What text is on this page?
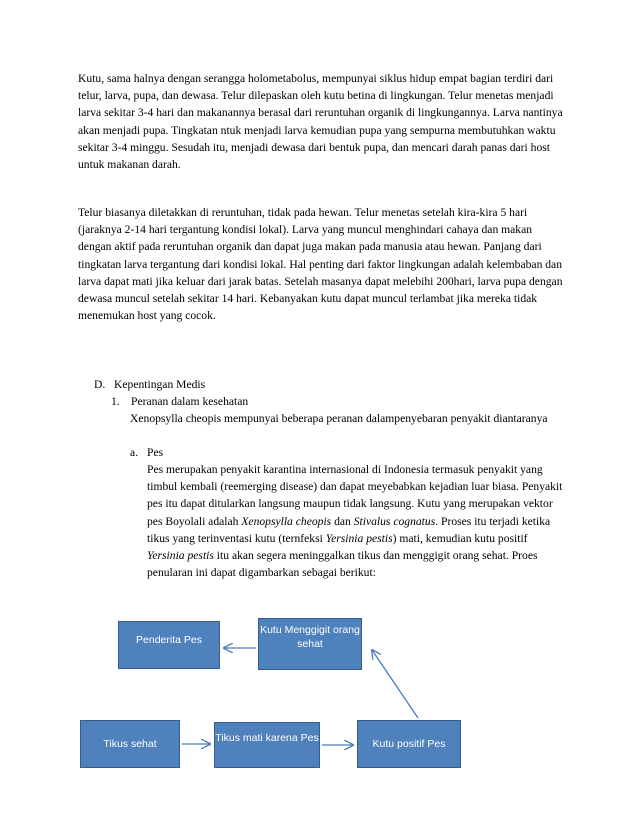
Kutu, sama halnya dengan serangga holometabolus, mempunyai siklus hidup empat bagian terdiri dari telur, larva, pupa, dan dewasa. Telur dilepaskan oleh kutu betina di lingkungan. Telur menetas menjadi larva sekitar 3-4 hari dan makanannya berasal dari reruntuhan organik di lingkungannya. Larva nantinya akan menjadi pupa. Tingkatan ntuk menjadi larva kemudian pupa yang sempurna membutuhkan waktu sekitar 3-4 minggu. Sesudah itu, menjadi dewasa dari bentuk pupa, dan mencari darah panas dari host untuk makanan darah.

Telur biasanya diletakkan di reruntuhan, tidak pada hewan. Telur menetas setelah kira-kira 5 hari (jaraknya 2-14 hari tergantung kondisi lokal). Larva yang muncul menghindari cahaya dan makan dengan aktif pada reruntuhan organik dan dapat juga makan pada manusia atau hewan. Panjang dari tingkatan larva tergantung dari kondisi lokal. Hal penting dari faktor lingkungan adalah kelembaban dan larva dapat mati jika keluar dari jarak batas. Setelah masanya dapat melebihi 200hari, larva pupa dengan dewasa muncul setelah sekitar 14 hari. Kebanyakan kutu dapat muncul terlambat jika mereka tidak menemukan host yang cocok.

D. Kepentingan Medis

1. Peranan dalam kesehatan

Xenopsylla cheopis mempunyai beberapa peranan dalampenyebaran penyakit diantaranya

a. Pes

Pes merupakan penyakit karantina internasional di Indonesia termasuk penyakit yang timbul kembali (reemerging disease) dan dapat meyebabkan kejadian luar biasa. Penyakit pes itu dapat ditularkan langsung maupun tidak langsung. Kutu yang merupakan vektor pes Boyolali adalah Xenopsylla cheopis dan Stivalus cognatus. Proses itu terjadi ketika tikus yang terinventasi kutu (ternfeksi Yersinia pestis) mati, kemudian kutu positif Yersinia pestis itu akan segera meninggalkan tikus dan menggigit orang sehat. Proes penularan ini dapat digambarkan sebagai berikut:

Penderita Pes
Kutu Menggigit orang sehat
Tikus sehat	Tikus mati karena Pes	Kutu positif Pes
